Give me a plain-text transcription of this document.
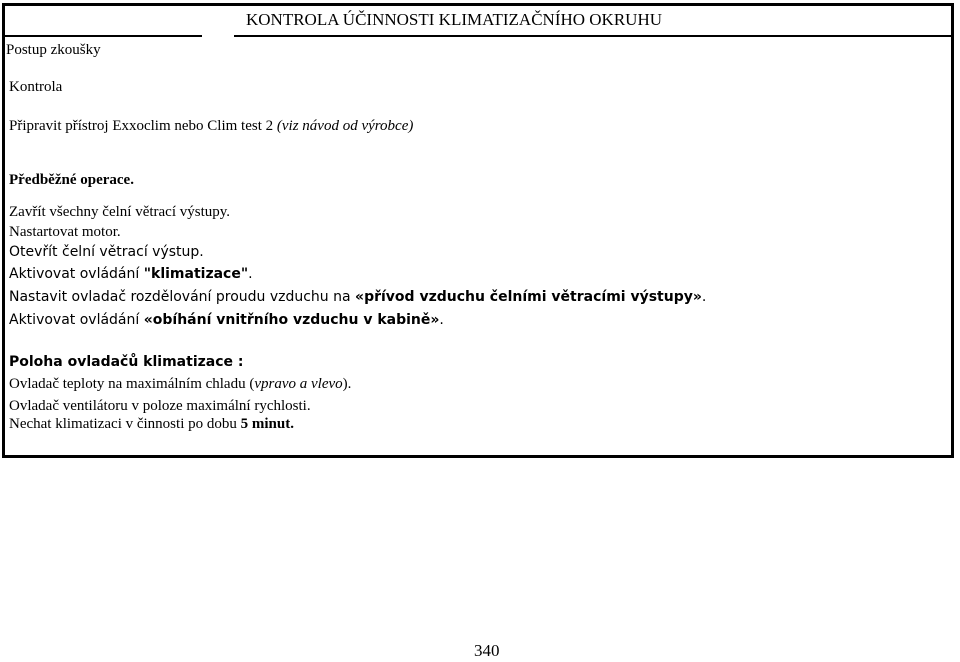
KONTROLA ÚČINNOSTI KLIMATIZAČNÍHO OKRUHU
Postup zkoušky
Kontrola
Připravit přístroj Exxoclim nebo Clim test 2 (viz návod od výrobce)
Předběžné operace.
Zavřít všechny čelní větrací výstupy.
Nastartovat motor.
Otevřít čelní větrací výstup.
Aktivovat ovládání "klimatizace".
Nastavit ovladač rozdělování proudu vzduchu na «přívod vzduchu čelními větracími výstupy».
Aktivovat ovládání «obíhání vnitřního vzduchu v kabině».
Poloha ovladačů klimatizace :
Ovladač teploty na maximálním chladu (vpravo a vlevo).
Ovladač ventilátoru v poloze maximální rychlosti.
Nechat klimatizaci v činnosti po dobu 5 minut.
340
